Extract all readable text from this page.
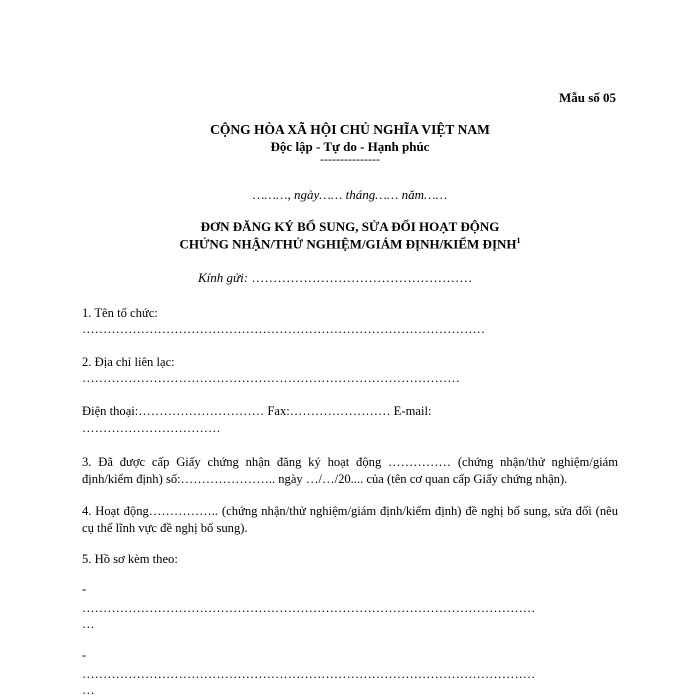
Mẫu số 05
CỘNG HÒA XÃ HỘI CHỦ NGHĨA VIỆT NAM
Độc lập - Tự do - Hạnh phúc
---------------
………, ngày…… tháng…… năm……
ĐƠN ĐĂNG KÝ BỔ SUNG, SỬA ĐỔI HOẠT ĐỘNG
CHỨNG NHẬN/THỬ NGHIỆM/GIÁM ĐỊNH/KIỂM ĐỊNH$^1$
Kính gửi: ……………………………………………
1. Tên tổ chức:
……………………………………………………………………………………
2. Địa chỉ liên lạc:
………………………………………………………………………………
Điện thoại:………………………… Fax:…………………… E-mail:
……………………………
3. Đã được cấp Giấy chứng nhận đăng ký hoạt động …………… (chứng nhận/thử nghiệm/giám định/kiểm định) số:………………….. ngày …/…/20.... của (tên cơ quan cấp Giấy chứng nhận).
4. Hoạt động…………….. (chứng nhận/thử nghiệm/giám định/kiểm định) đề nghị bổ sung, sửa đổi (nêu cụ thể lĩnh vực đề nghị bổ sung).
5. Hồ sơ kèm theo:
-
………………………………………………………………………………………………
…
-
………………………………………………………………………………………………
…
